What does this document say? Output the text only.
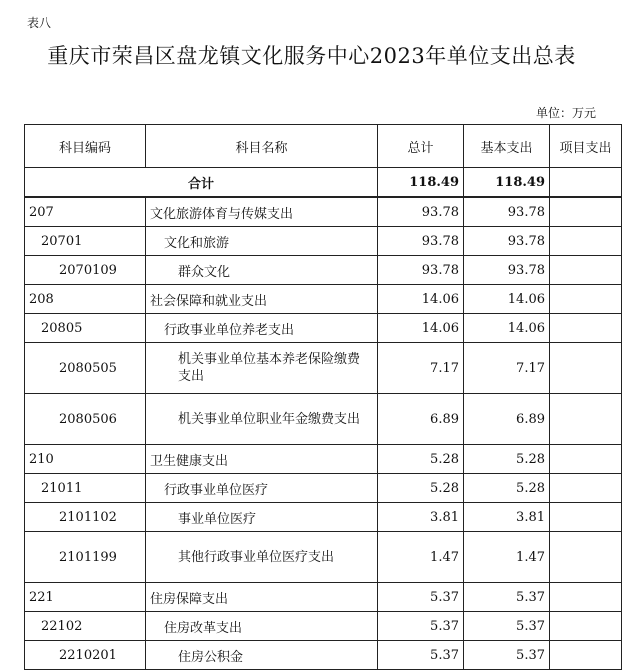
表八
重庆市荣昌区盘龙镇文化服务中心2023年单位支出总表
单位：万元
科目编码	科目名称	总计	基本支出	项目支出
合计		118.49	118.49	
207	文化旅游体育与传媒支出	93.78	93.78	
20701	文化和旅游	93.78	93.78	
2070109	群众文化	93.78	93.78	
208	社会保障和就业支出	14.06	14.06	
20805	行政事业单位养老支出	14.06	14.06	
2080505	机关事业单位基本养老保险缴费支出	7.17	7.17	
2080506	机关事业单位职业年金缴费支出	6.89	6.89	
210	卫生健康支出	5.28	5.28	
21011	行政事业单位医疗	5.28	5.28	
2101102	事业单位医疗	3.81	3.81	
2101199	其他行政事业单位医疗支出	1.47	1.47	
221	住房保障支出	5.37	5.37	
22102	住房改革支出	5.37	5.37	
2210201	住房公积金	5.37	5.37	
